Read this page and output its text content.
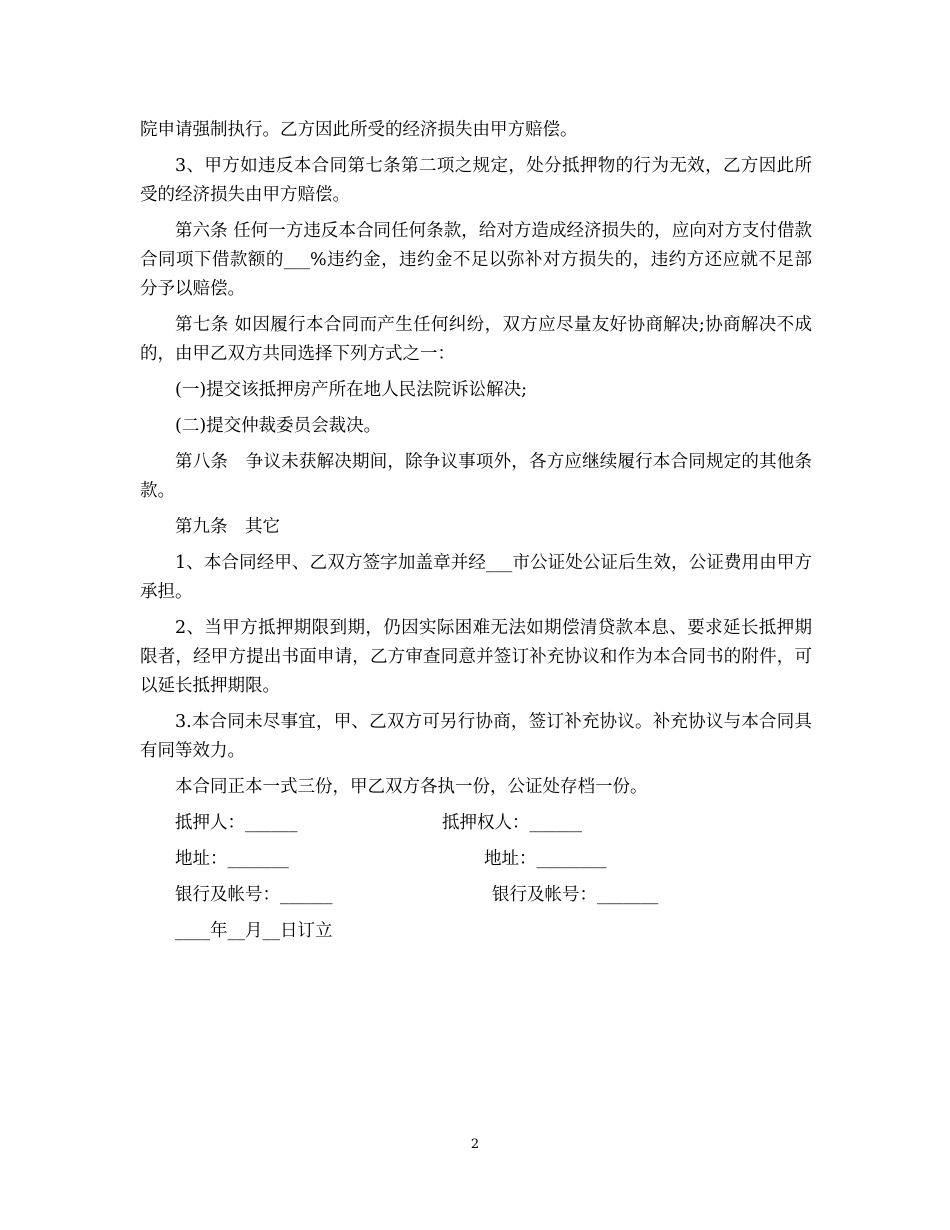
院申请强制执行。乙方因此所受的经济损失由甲方赔偿。

3、甲方如违反本合同第七条第二项之规定，处分抵押物的行为无效，乙方因此所受的经济损失由甲方赔偿。

第六条 任何一方违反本合同任何条款，给对方造成经济损失的，应向对方支付借款合同项下借款额的___%违约金，违约金不足以弥补对方损失的，违约方还应就不足部分予以赔偿。

第七条 如因履行本合同而产生任何纠纷，双方应尽量友好协商解决;协商解决不成的，由甲乙双方共同选择下列方式之一：

(一)提交该抵押房产所在地人民法院诉讼解决;

(二)提交仲裁委员会裁决。

第八条　争议未获解决期间，除争议事项外，各方应继续履行本合同规定的其他条款。

第九条　其它

1、本合同经甲、乙双方签字加盖章并经___市公证处公证后生效，公证费用由甲方承担。

2、当甲方抵押期限到期，仍因实际困难无法如期偿清贷款本息、要求延长抵押期限者，经甲方提出书面申请，乙方审查同意并签订补充协议和作为本合同书的附件，可以延长抵押期限。

3.本合同未尽事宜，甲、乙双方可另行协商，签订补充协议。补充协议与本合同具有同等效力。

本合同正本一式三份，甲乙双方各执一份，公证处存档一份。

抵押人：______	抵押权人：______
地址：_______	地址：________
银行及帐号：______	银行及帐号：_______
____年__月__日订立
2
